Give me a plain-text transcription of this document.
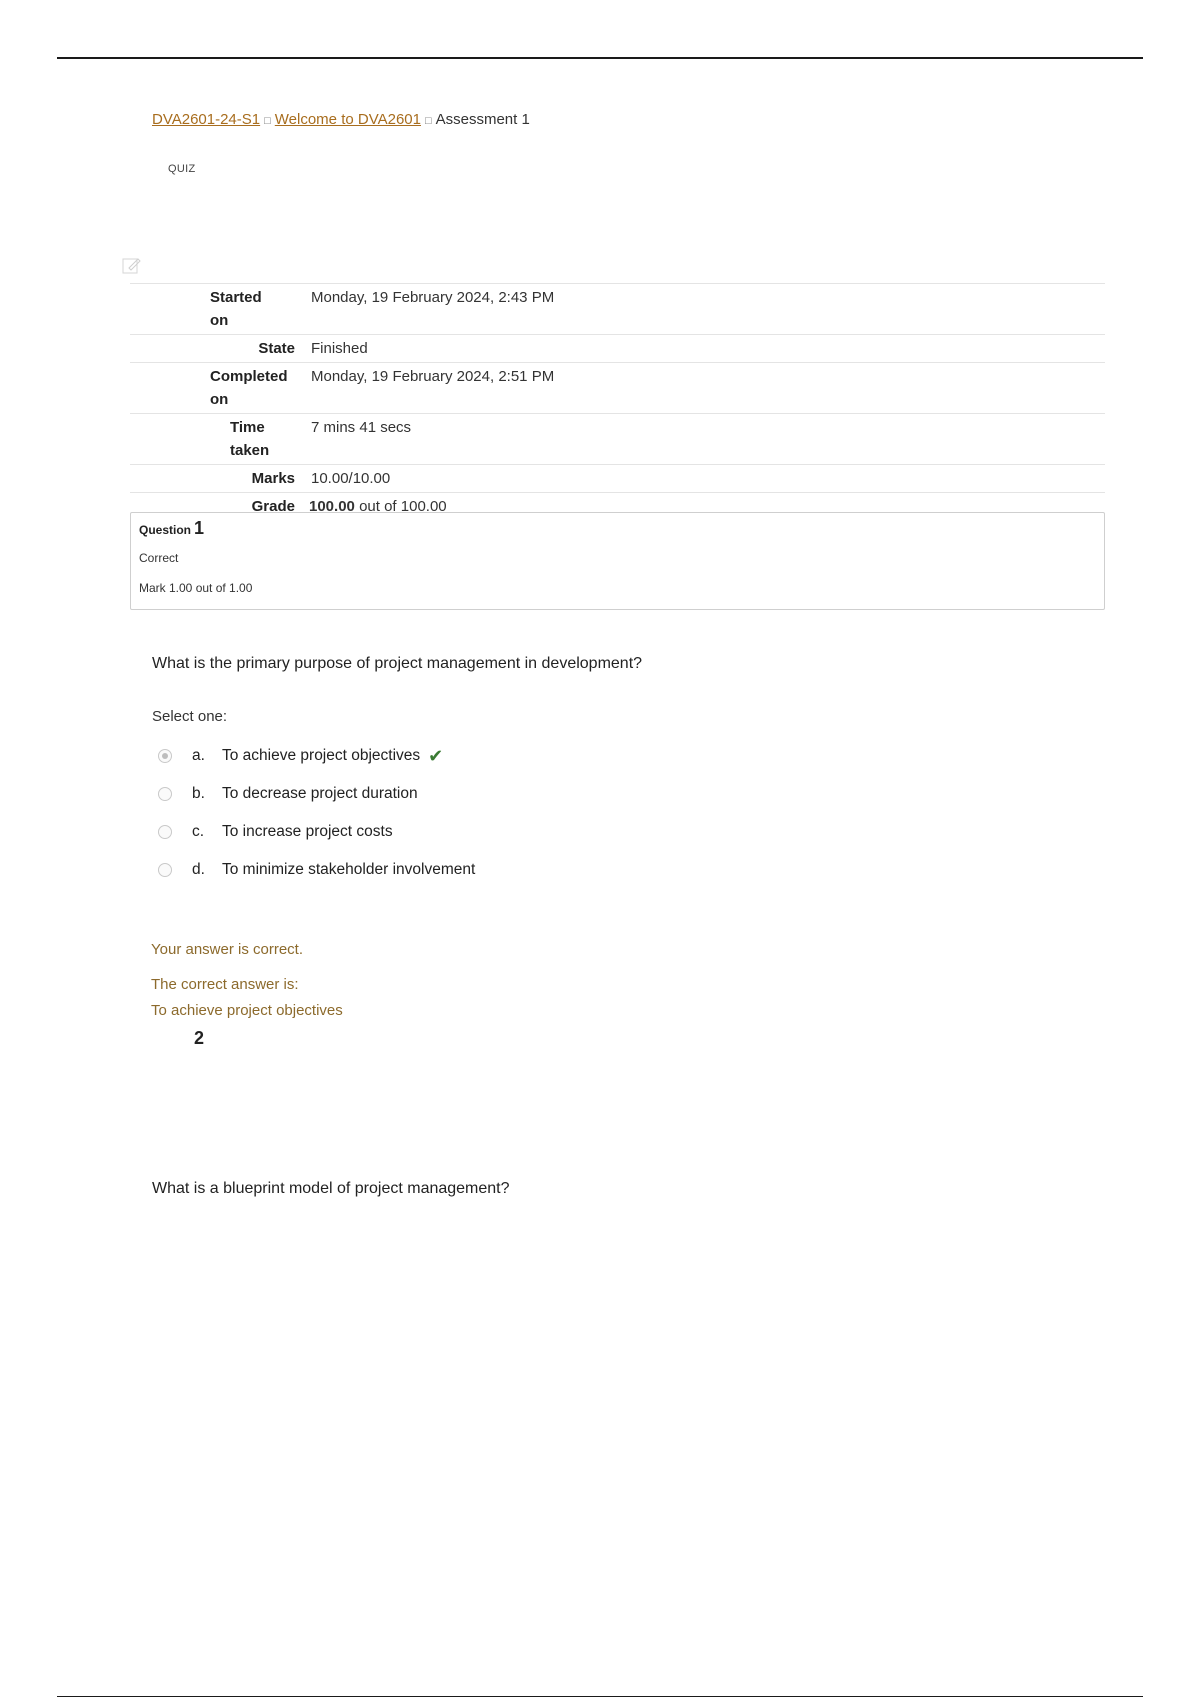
DVA2601-24-S1 □ Welcome to DVA2601 □ Assessment 1
QUIZ
Started
on	Monday, 19 February 2024, 2:43 PM
State	Finished
Completed
on	Monday, 19 February 2024, 2:51 PM
Time
taken	7 mins 41 secs
Marks	10.00/10.00
Grade	100.00 out of 100.00
Question 1
Correct
Mark 1.00 out of 1.00
What is the primary purpose of project management in development?
Select one:
a.	To achieve project objectives ✔
b.	To decrease project duration
c.	To increase project costs
d.	To minimize stakeholder involvement
Your answer is correct.
The correct answer is:
To achieve project objectives
2
What is a blueprint model of project management?
